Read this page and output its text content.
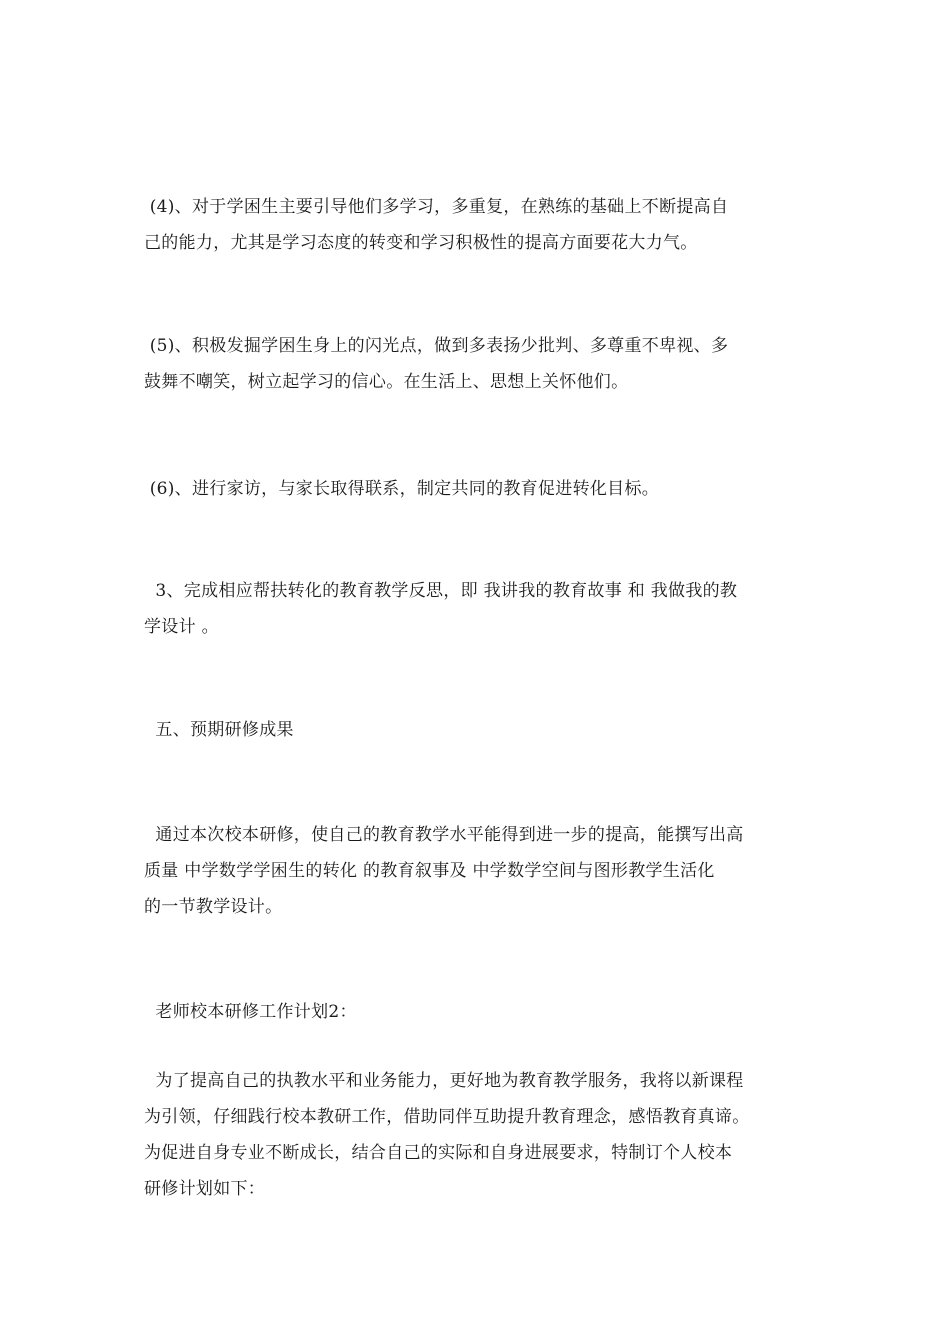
(4)、对于学困生主要引导他们多学习，多重复，在熟练的基础上不断提高自
己的能力，尤其是学习态度的转变和学习积极性的提高方面要花大力气。
(5)、积极发掘学困生身上的闪光点，做到多表扬少批判、多尊重不卑视、多
鼓舞不嘲笑，树立起学习的信心。在生活上、思想上关怀他们。
(6)、进行家访，与家长取得联系，制定共同的教育促进转化目标。
3、完成相应帮扶转化的教育教学反思，即 我讲我的教育故事 和 我做我的教
学设计 。
五、预期研修成果
通过本次校本研修，使自己的教育教学水平能得到进一步的提高，能撰写出高
质量 中学数学学困生的转化 的教育叙事及 中学数学空间与图形教学生活化
的一节教学设计。
老师校本研修工作计划2：
为了提高自己的执教水平和业务能力，更好地为教育教学服务，我将以新课程
为引领，仔细践行校本教研工作，借助同伴互助提升教育理念，感悟教育真谛。
为促进自身专业不断成长，结合自己的实际和自身进展要求，特制订个人校本
研修计划如下：
